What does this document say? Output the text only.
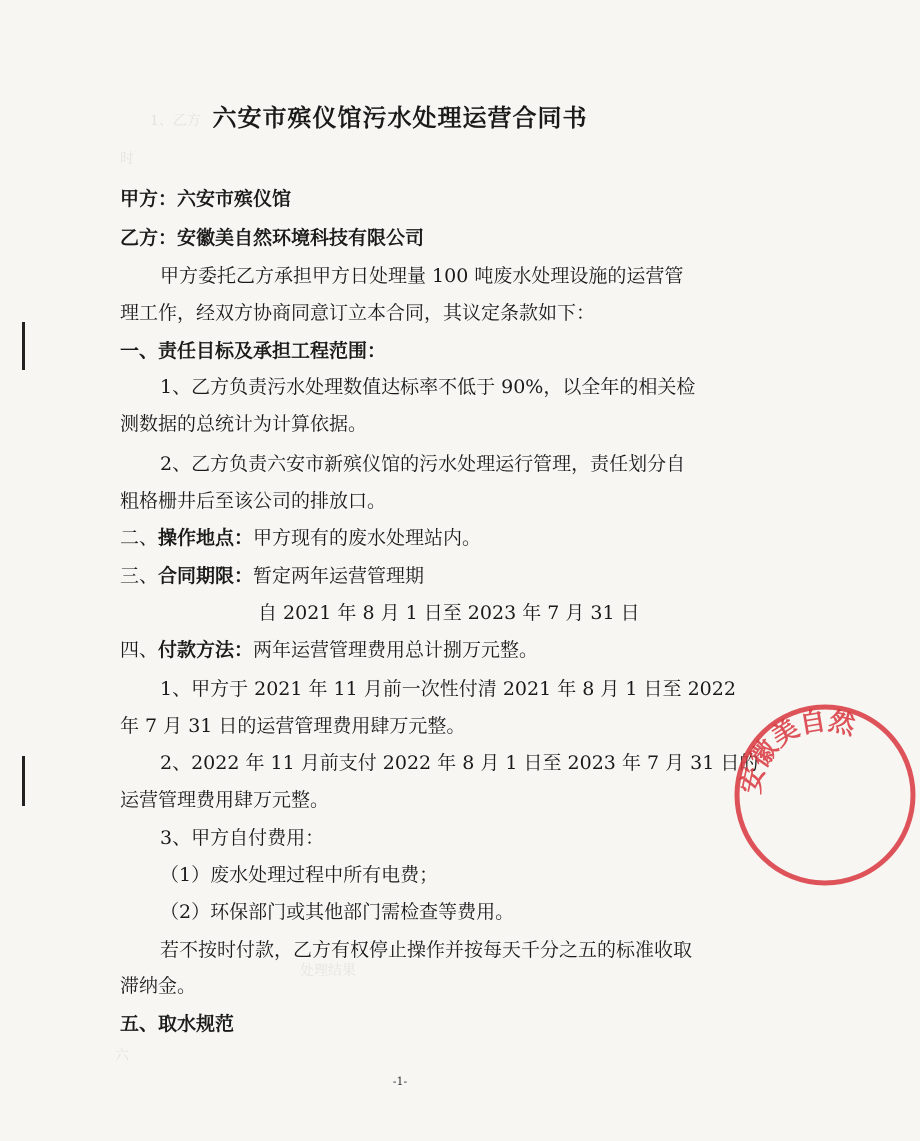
1、乙方
时
处理结果
六
六安市殡仪馆污水处理运营合同书
甲方：六安市殡仪馆
乙方：安徽美自然环境科技有限公司
甲方委托乙方承担甲方日处理量 100 吨废水处理设施的运营管
理工作，经双方协商同意订立本合同，其议定条款如下：
一、责任目标及承担工程范围：
1、乙方负责污水处理数值达标率不低于 90%，以全年的相关检
测数据的总统计为计算依据。
2、乙方负责六安市新殡仪馆的污水处理运行管理，责任划分自
粗格栅井后至该公司的排放口。
二、操作地点：甲方现有的废水处理站内。
三、合同期限：暂定两年运营管理期
自 2021 年 8 月 1 日至 2023 年 7 月 31 日
四、付款方法：两年运营管理费用总计捌万元整。
1、甲方于 2021 年 11 月前一次性付清 2021 年 8 月 1 日至 2022
年 7 月 31 日的运营管理费用肆万元整。
2、2022 年 11 月前支付 2022 年 8 月 1 日至 2023 年 7 月 31 日的
运营管理费用肆万元整。
3、甲方自付费用：
（1）废水处理过程中所有电费；
（2）环保部门或其他部门需检查等费用。
若不按时付款，乙方有权停止操作并按每天千分之五的标准收取
滞纳金。
五、取水规范
-1-
安徽美自然
